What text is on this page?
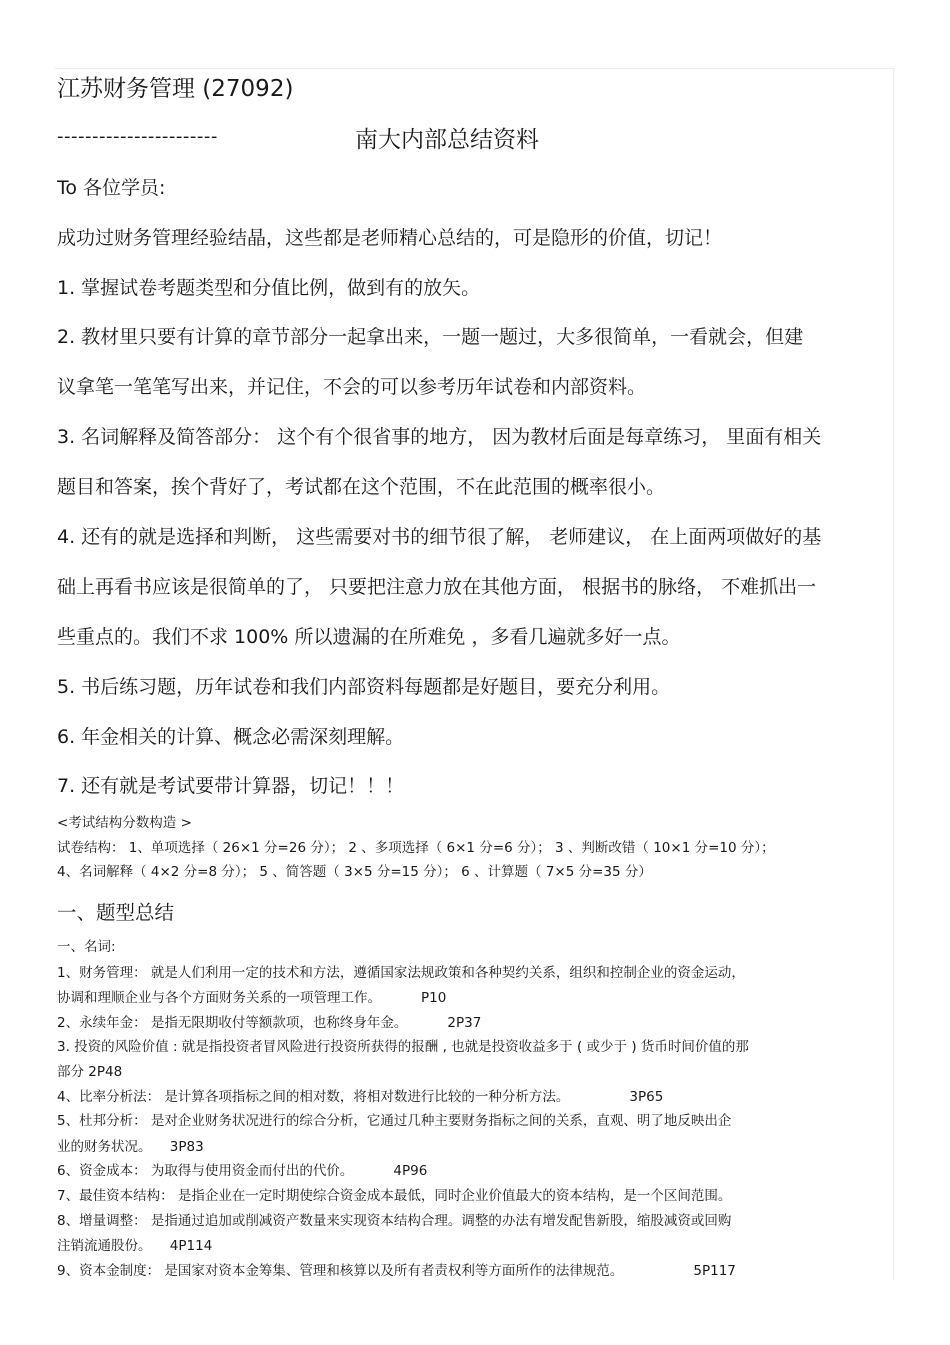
江苏财务管理 (27092)
-----------------------	南大内部总结资料
To 各位学员:
成功过财务管理经验结晶，这些都是老师精心总结的，可是隐形的价值，切记！
1. 掌握试卷考题类型和分值比例，做到有的放矢。
2. 教材里只要有计算的章节部分一起拿出来，一题一题过，大多很简单，一看就会，但建
议拿笔一笔笔写出来，并记住，不会的可以参考历年试卷和内部资料。
3. 名词解释及简答部分： 这个有个很省事的地方， 因为教材后面是每章练习， 里面有相关
题目和答案，挨个背好了，考试都在这个范围，不在此范围的概率很小。
4. 还有的就是选择和判断， 这些需要对书的细节很了解， 老师建议， 在上面两项做好的基
础上再看书应该是很简单的了， 只要把注意力放在其他方面， 根据书的脉络， 不难抓出一
些重点的。我们不求 100% 所以遗漏的在所难免 ，多看几遍就多好一点。
5. 书后练习题，历年试卷和我们内部资料每题都是好题目，要充分利用。
6. 年金相关的计算、概念必需深刻理解。
7. 还有就是考试要带计算器，切记！！！
<考试结构分数构造 >
试卷结构： 1、单项选择（ 26×1 分=26 分）； 2 、多项选择（ 6×1 分=6 分）； 3 、判断改错（ 10×1 分=10 分）；
4、名词解释（ 4×2 分=8 分）； 5 、简答题（ 3×5 分=15 分）； 6 、计算题（ 7×5 分=35 分）
一、题型总结
一、名词:
1、财务管理： 就是人们利用一定的技术和方法，遵循国家法规政策和各种契约关系，组织和控制企业的资金运动，
协调和理顺企业与各个方面财务关系的一项管理工作。	P10
2、永续年金： 是指无限期收付等额款项，也称终身年金。	2P37
3. 投资的风险价值 : 就是指投资者冒风险进行投资所获得的报酬 , 也就是投资收益多于 ( 或少于 ) 货币时间价值的那
部分 2P48
4、比率分析法： 是计算各项指标之间的相对数，将相对数进行比较的一种分析方法。	3P65
5、杜邦分析： 是对企业财务状况进行的综合分析，它通过几种主要财务指标之间的关系，直观、明了地反映出企
业的财务状况。 3P83
6、资金成本： 为取得与使用资金而付出的代价。	4P96
7、最佳资本结构： 是指企业在一定时期使综合资金成本最低，同时企业价值最大的资本结构，是一个区间范围。
8、增量调整： 是指通过追加或削减资产数量来实现资本结构合理。调整的办法有增发配售新股，缩股减资或回购
注销流通股份。 4P114
9、资本金制度： 是国家对资本金筹集、管理和核算以及所有者责权利等方面所作的法律规范。	5P117
